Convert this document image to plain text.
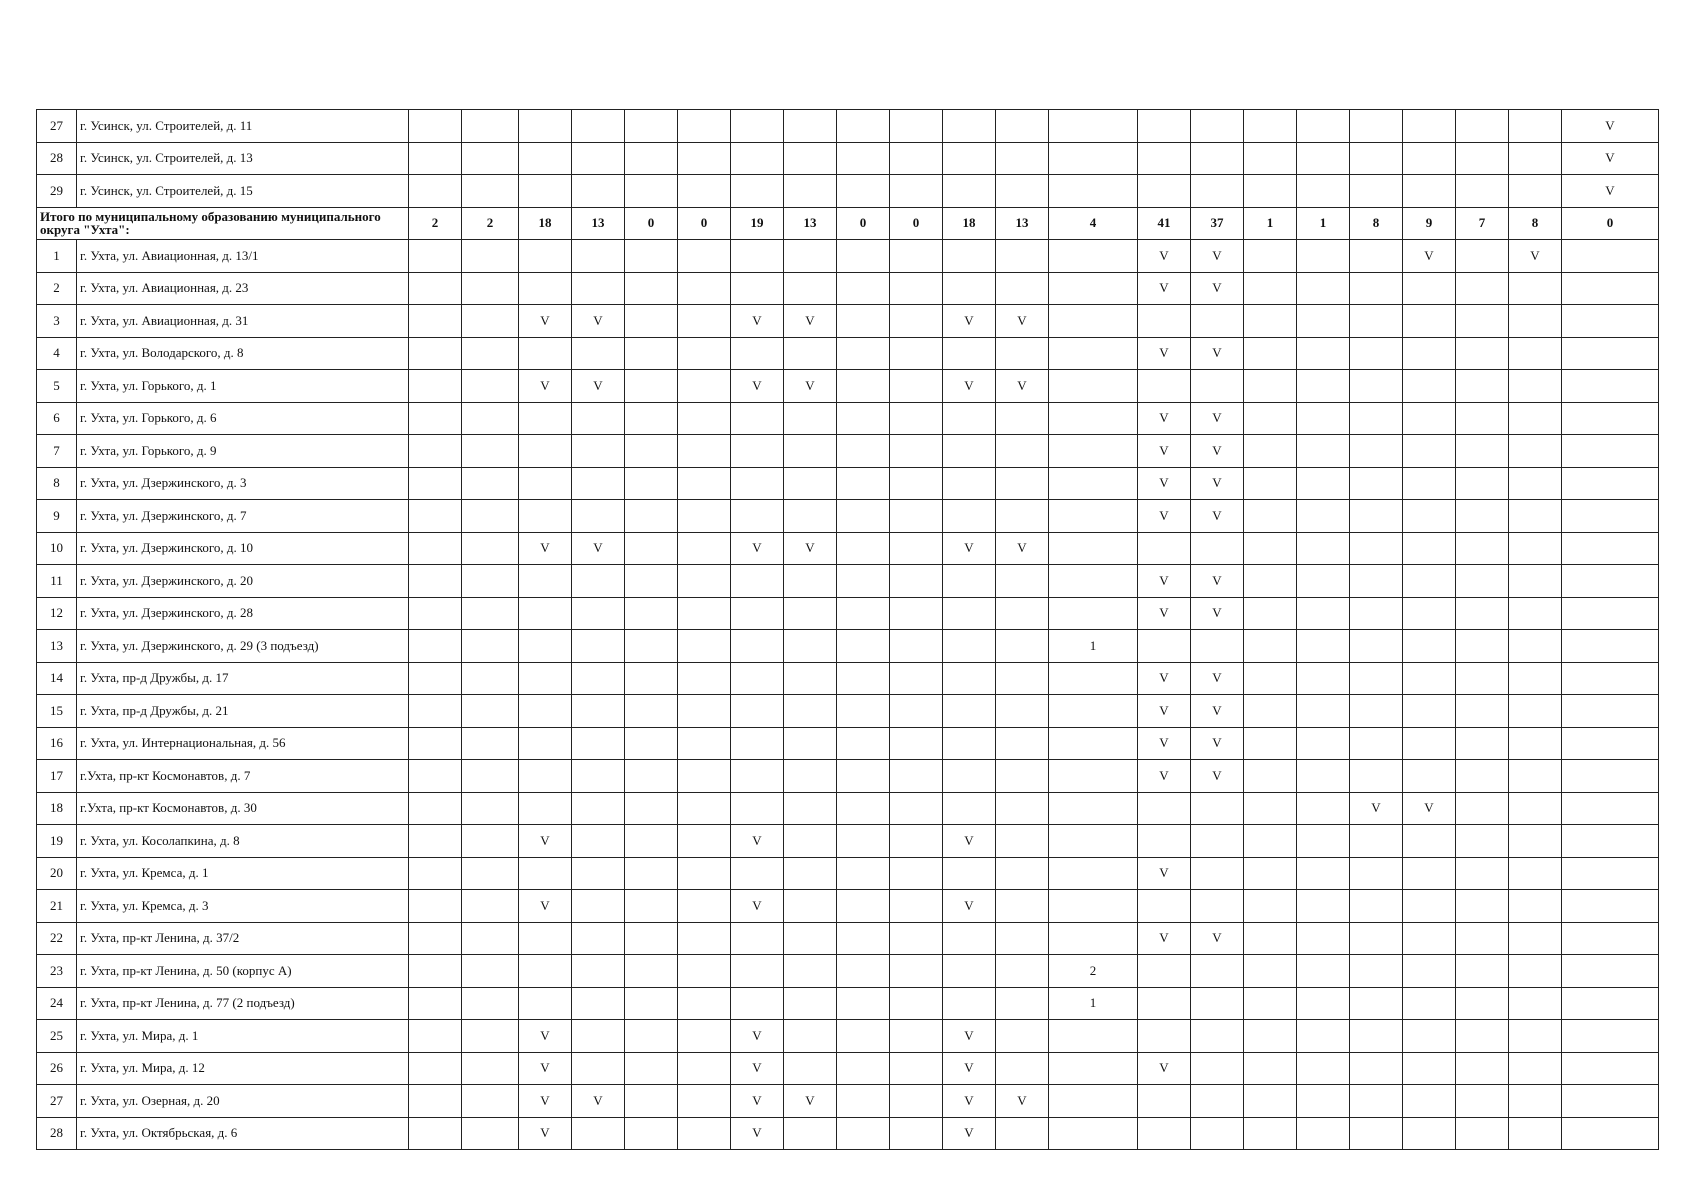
27	г. Усинск, ул. Строителей, д. 11																						V
28	г. Усинск, ул. Строителей, д. 13																						V
29	г. Усинск, ул. Строителей, д. 15																						V

Итого по муниципальному образованию муниципального
округа "Ухта":		2	2	18	13	0	0	19	13	0	0	18	13	4	41	37	1	1	8	9	7	8	0
1	г. Ухта, ул. Авиационная, д. 13/1														V	V				V		V	
2	г. Ухта, ул. Авиационная, д. 23														V	V							
3	г. Ухта, ул. Авиационная, д. 31			V	V			V	V			V	V										
4	г. Ухта, ул. Володарского, д. 8														V	V							
5	г. Ухта, ул. Горького, д. 1			V	V			V	V			V	V										
6	г. Ухта, ул. Горького, д. 6														V	V							
7	г. Ухта, ул. Горького, д. 9														V	V							
8	г. Ухта, ул. Дзержинского, д. 3														V	V							
9	г. Ухта, ул. Дзержинского, д. 7														V	V							
10	г. Ухта, ул. Дзержинского, д. 10			V	V			V	V			V	V										
11	г. Ухта, ул. Дзержинского, д. 20														V	V							
12	г. Ухта, ул. Дзержинского, д. 28														V	V							
13	г. Ухта, ул. Дзержинского, д. 29 (3 подъезд)													1									
14	г. Ухта, пр-д Дружбы, д. 17														V	V							
15	г. Ухта, пр-д Дружбы, д. 21														V	V							
16	г. Ухта, ул. Интернациональная, д. 56														V	V							
17	г.Ухта, пр-кт Космонавтов, д. 7														V	V							
18	г.Ухта, пр-кт Космонавтов, д. 30																		V	V			
19	г. Ухта, ул. Косолапкина, д. 8			V				V				V											
20	г. Ухта, ул. Кремса, д. 1														V								
21	г. Ухта, ул. Кремса, д. 3			V				V				V											
22	г. Ухта, пр-кт Ленина, д. 37/2														V	V							
23	г. Ухта, пр-кт Ленина, д. 50 (корпус А)													2									
24	г. Ухта, пр-кт Ленина, д. 77 (2 подъезд)													1									
25	г. Ухта, ул. Мира, д. 1			V				V				V											
26	г. Ухта, ул. Мира, д. 12			V				V				V			V								
27	г. Ухта, ул. Озерная, д. 20			V	V			V	V			V	V										
28	г. Ухта, ул. Октябрьская, д. 6			V				V				V											
